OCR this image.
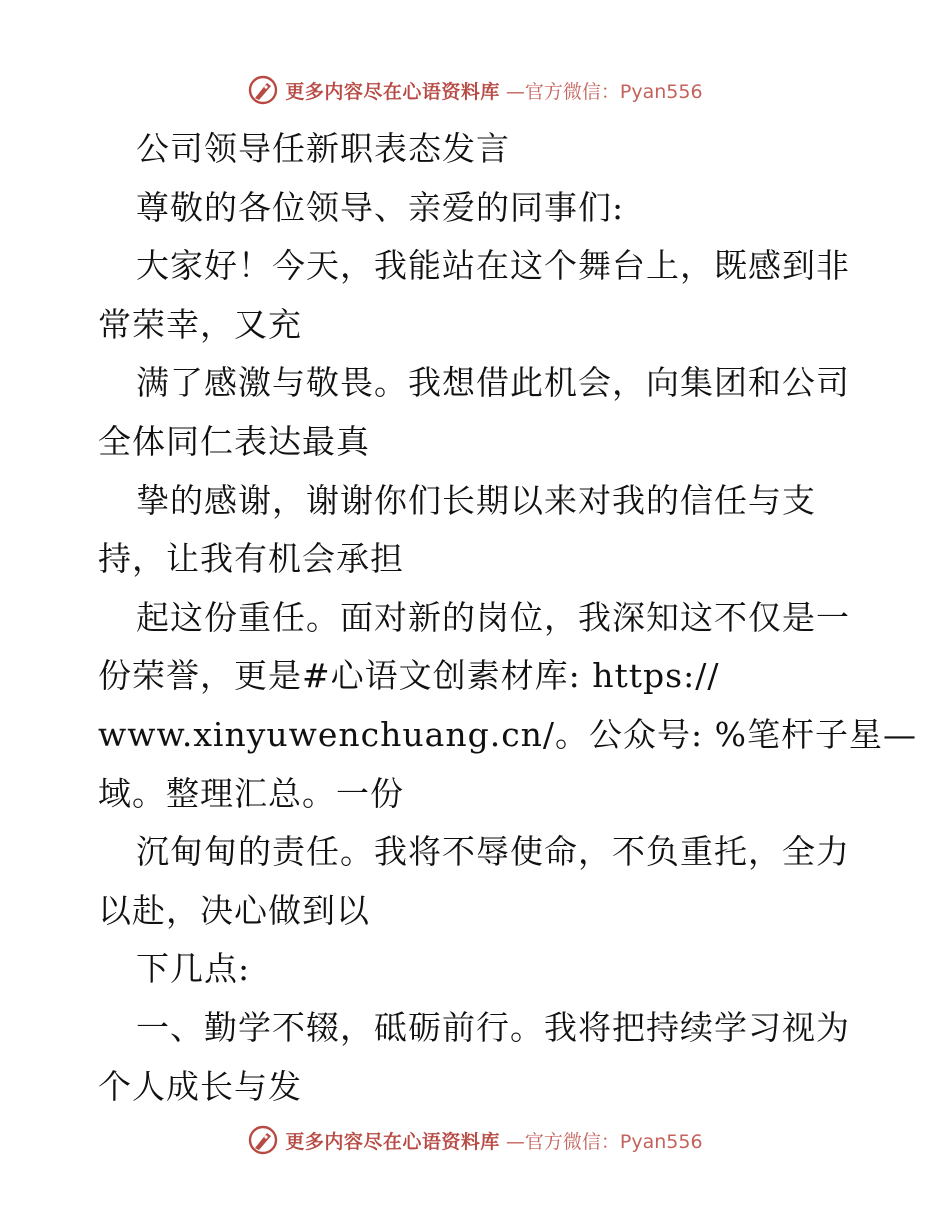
更多内容尽在心语资料库 —官方微信：Pyan556
公司领导任新职表态发言
尊敬的各位领导、亲爱的同事们:
大家好！今天，我能站在这个舞台上，既感到非
常荣幸，又充
满了感激与敬畏。我想借此机会，向集团和公司
全体同仁表达最真
挚的感谢，谢谢你们长期以来对我的信任与支
持，让我有机会承担
起这份重任。面对新的岗位，我深知这不仅是一
份荣誉，更是#心语文创素材库: https://
www.xinyuwenchuang.cn/。公众号: %笔杆子星—
域。整理汇总。一份
沉甸甸的责任。我将不辱使命，不负重托，全力
以赴，决心做到以
下几点:
一、勤学不辍，砥砺前行。我将把持续学习视为
个人成长与发
更多内容尽在心语资料库 —官方微信：Pyan556
